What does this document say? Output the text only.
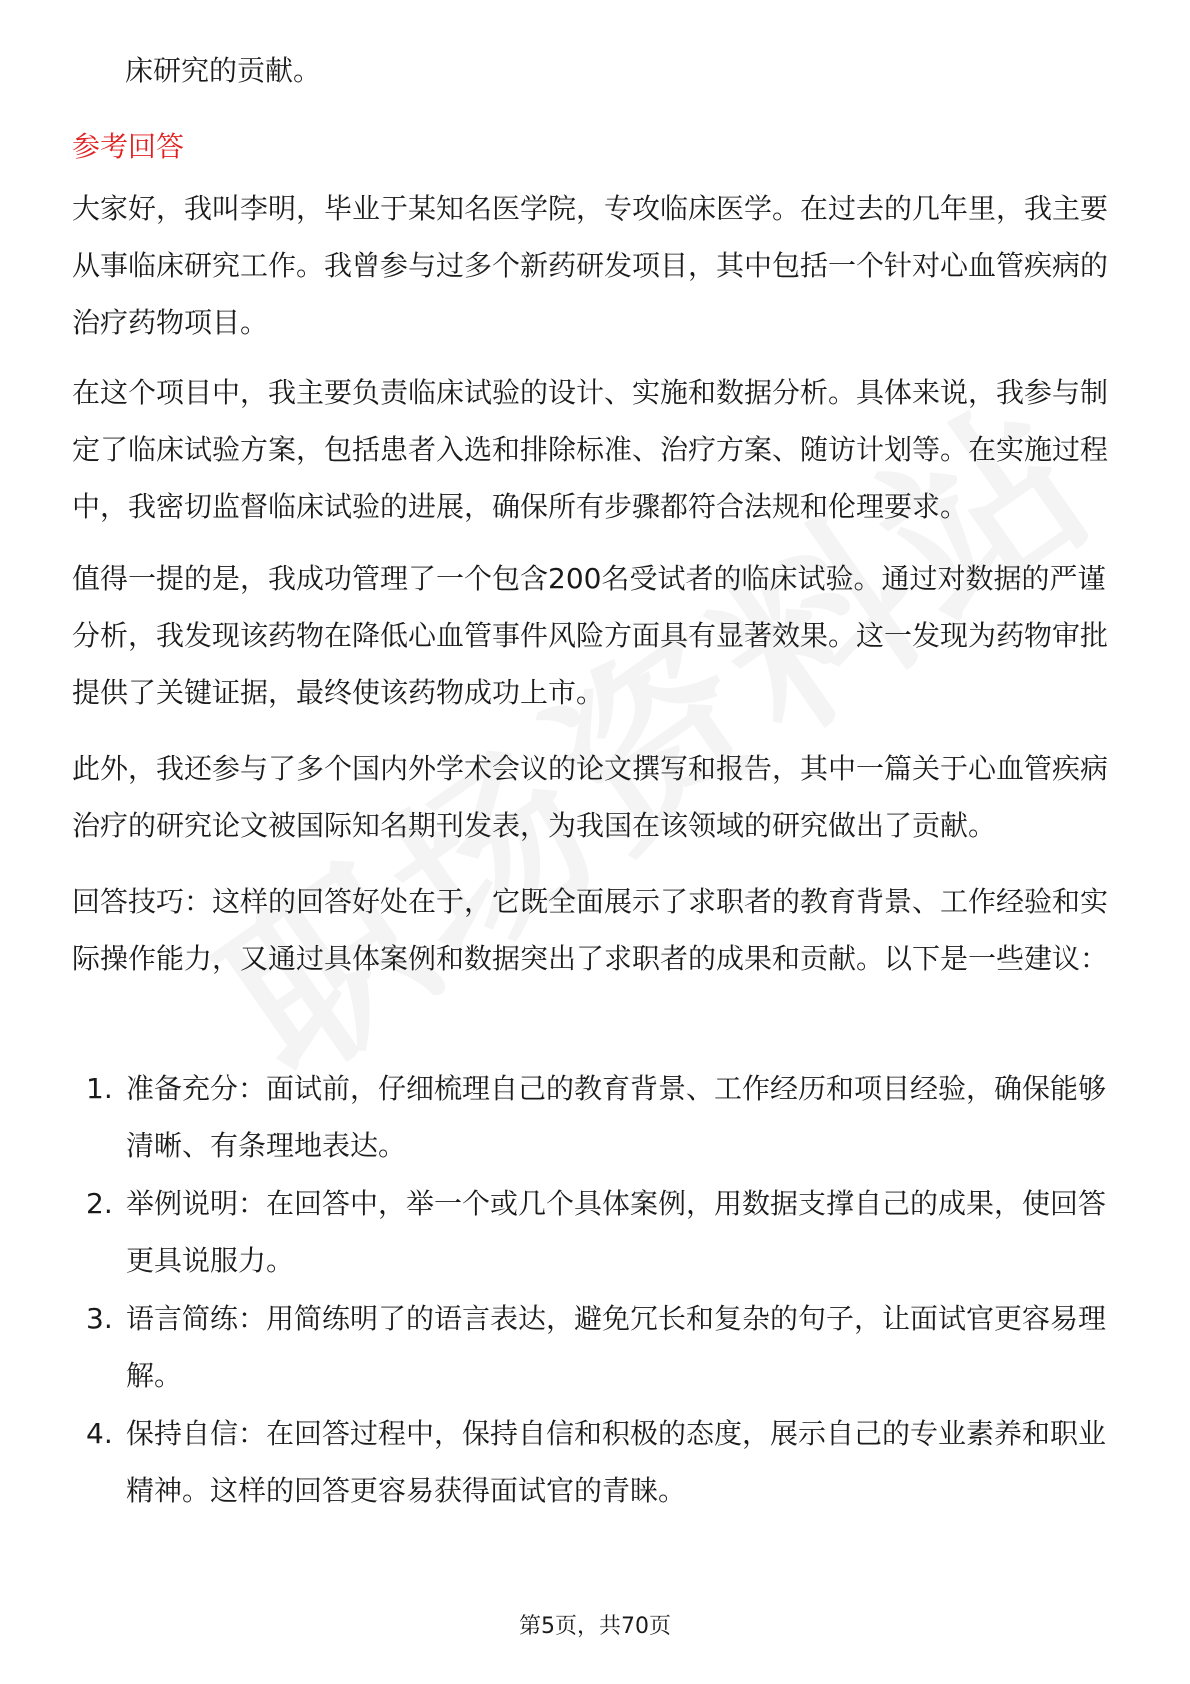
床研究的贡献。

参考回答

大家好，我叫李明，毕业于某知名医学院，专攻临床医学。在过去的几年里，我主要从事临床研究工作。我曾参与过多个新药研发项目，其中包括一个针对心血管疾病的治疗药物项目。

在这个项目中，我主要负责临床试验的设计、实施和数据分析。具体来说，我参与制定了临床试验方案，包括患者入选和排除标准、治疗方案、随访计划等。在实施过程中，我密切监督临床试验的进展，确保所有步骤都符合法规和伦理要求。

值得一提的是，我成功管理了一个包含200名受试者的临床试验。通过对数据的严谨分析，我发现该药物在降低心血管事件风险方面具有显著效果。这一发现为药物审批提供了关键证据，最终使该药物成功上市。

此外，我还参与了多个国内外学术会议的论文撰写和报告，其中一篇关于心血管疾病治疗的研究论文被国际知名期刊发表，为我国在该领域的研究做出了贡献。

回答技巧：这样的回答好处在于，它既全面展示了求职者的教育背景、工作经验和实际操作能力，又通过具体案例和数据突出了求职者的成果和贡献。以下是一些建议：

1. 准备充分：面试前，仔细梳理自己的教育背景、工作经历和项目经验，确保能够清晰、有条理地表达。
2. 举例说明：在回答中，举一个或几个具体案例，用数据支撑自己的成果，使回答更具说服力。
3. 语言简练：用简练明了的语言表达，避免冗长和复杂的句子，让面试官更容易理解。
4. 保持自信：在回答过程中，保持自信和积极的态度，展示自己的专业素养和职业精神。这样的回答更容易获得面试官的青睐。
第5页，共70页
